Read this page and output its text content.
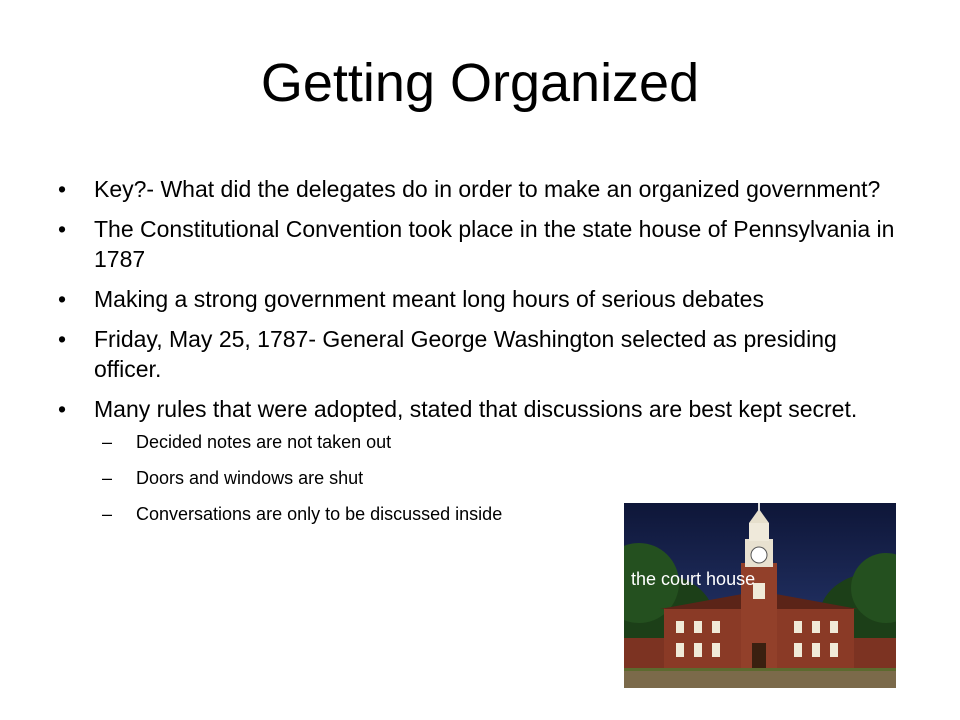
Getting Organized
• Key?- What did the delegates do in order to make an organized government?
• The Constitutional Convention took place in the state house of Pennsylvania in 1787
• Making a strong government meant long hours of serious debates
• Friday, May 25, 1787- General George Washington selected as presiding officer.
• Many rules that were adopted, stated that discussions are best kept secret.
– Decided notes are not taken out
– Doors and windows are shut
– Conversations are only to be discussed inside
the court house
